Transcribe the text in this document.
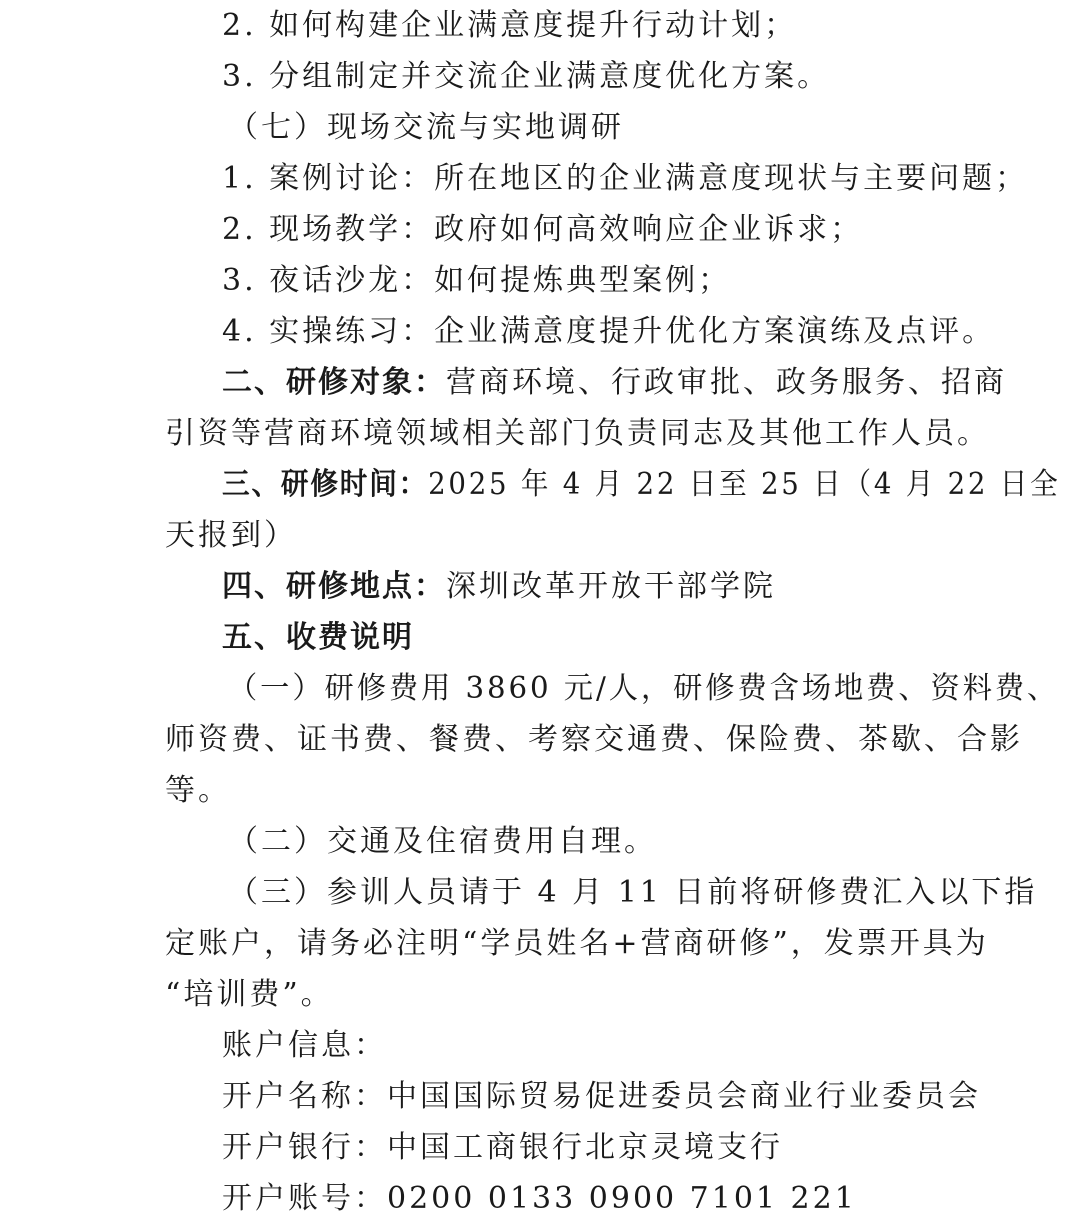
2. 如何构建企业满意度提升行动计划；
3. 分组制定并交流企业满意度优化方案。
（七）现场交流与实地调研
1. 案例讨论：所在地区的企业满意度现状与主要问题；
2. 现场教学：政府如何高效响应企业诉求；
3. 夜话沙龙：如何提炼典型案例；
4. 实操练习：企业满意度提升优化方案演练及点评。
二、研修对象：营商环境、行政审批、政务服务、招商
引资等营商环境领域相关部门负责同志及其他工作人员。
三、研修时间：2025 年 4 月 22 日至 25 日（4 月 22 日全
天报到）
四、研修地点：深圳改革开放干部学院
五、收费说明
（一）研修费用 3860 元/人，研修费含场地费、资料费、
师资费、证书费、餐费、考察交通费、保险费、茶歇、合影
等。
（二）交通及住宿费用自理。
（三）参训人员请于 4 月 11 日前将研修费汇入以下指
定账户，请务必注明“学员姓名+营商研修”，发票开具为
“培训费”。
账户信息：
开户名称：中国国际贸易促进委员会商业行业委员会
开户银行：中国工商银行北京灵境支行
开户账号：0200 0133 0900 7101 221
